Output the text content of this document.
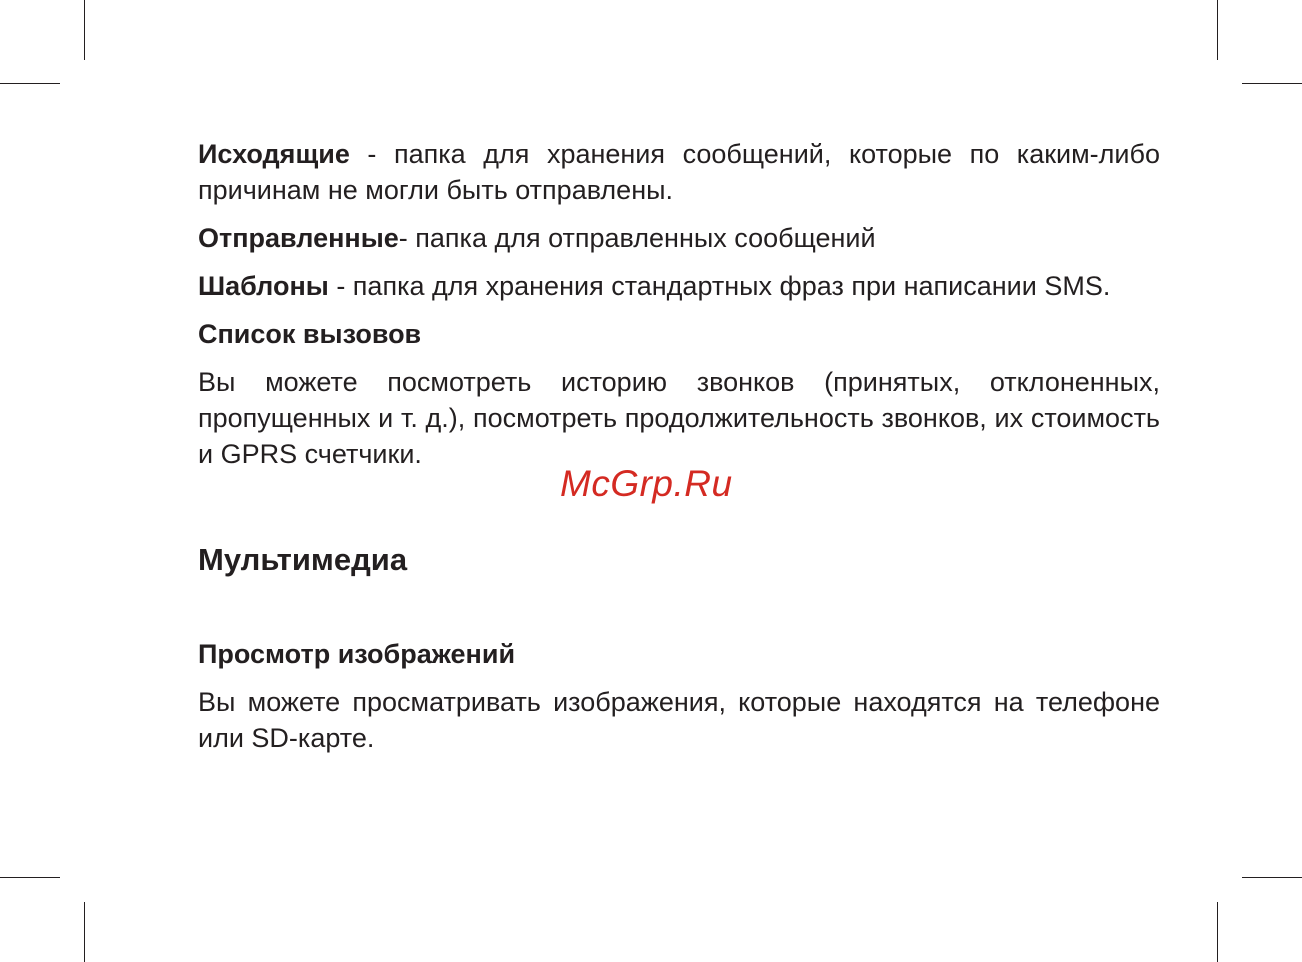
Исходящие - папка для хранения сообщений, которые по каким-либо причинам не могли быть отправлены.

Отправленные- папка для отправленных сообщений

Шаблоны - папка для хранения стандартных фраз при написании SMS.

Список вызовов

Вы можете посмотреть историю звонков (принятых, отклоненных, пропущенных и т. д.), посмотреть продолжительность звонков, их стоимость и GPRS счетчики.

Мультимедиа
Просмотр изображений

Вы можете просматривать изображения, которые находятся на телефоне или SD-карте.

McGrp.Ru
